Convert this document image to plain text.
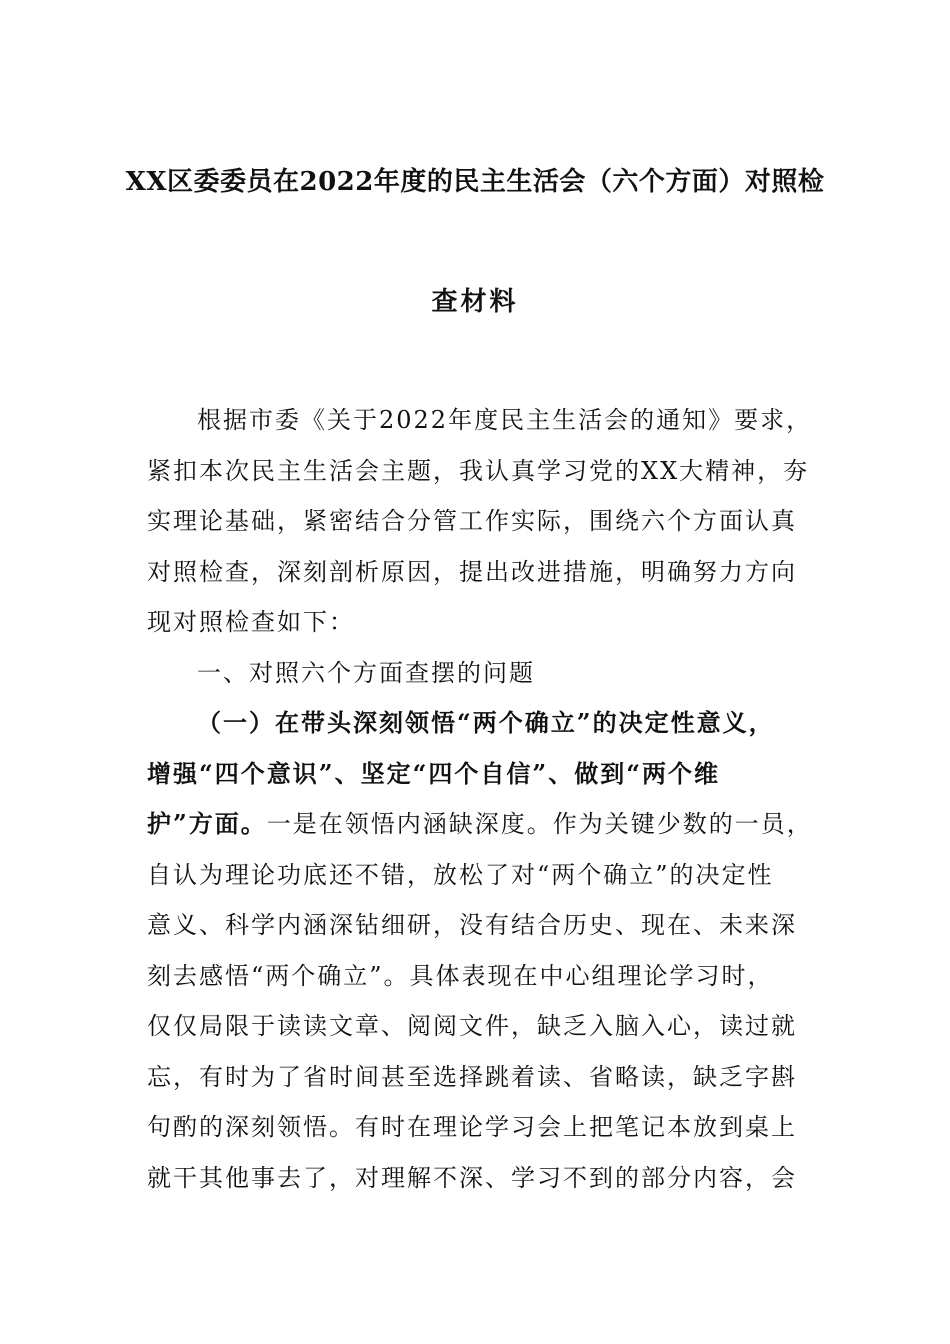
XX区委委员在2022年度的民主生活会（六个方面）对照检
查材料
根据市委《关于2022年度民主生活会的通知》要求，
紧扣本次民主生活会主题，我认真学习党的XX大精神，夯
实理论基础，紧密结合分管工作实际，围绕六个方面认真
对照检查，深刻剖析原因，提出改进措施，明确努力方向
现对照检查如下：
一、对照六个方面查摆的问题
（一）在带头深刻领悟“两个确立”的决定性意义，
增强“四个意识”、坚定“四个自信”、做到“两个维
护”方面。一是在领悟内涵缺深度。作为关键少数的一员，
自认为理论功底还不错，放松了对“两个确立”的决定性
意义、科学内涵深钻细研，没有结合历史、现在、未来深
刻去感悟“两个确立”。具体表现在中心组理论学习时，
仅仅局限于读读文章、阅阅文件，缺乏入脑入心，读过就
忘，有时为了省时间甚至选择跳着读、省略读，缺乏字斟
句酌的深刻领悟。有时在理论学习会上把笔记本放到桌上
就干其他事去了，对理解不深、学习不到的部分内容，会
